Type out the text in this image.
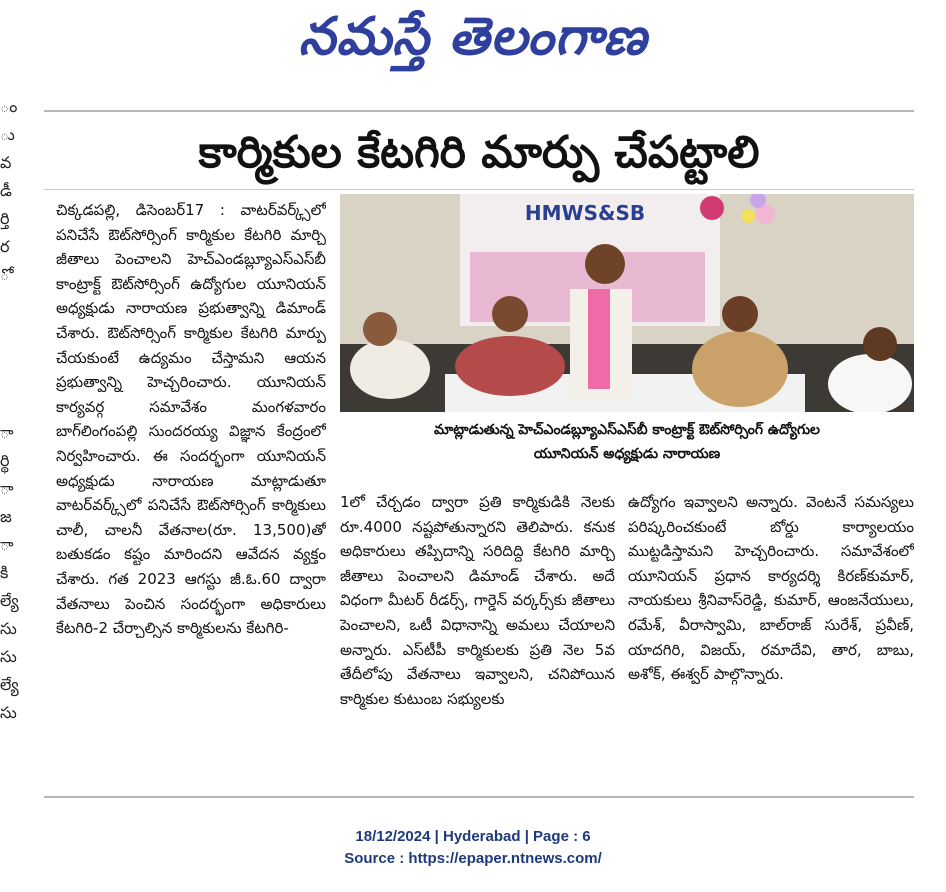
నమస్తే తెలంగాణ
ం
ు
వ
డీ
ర్తి
ర
ో
ా
ర్థి
ా
జ
ా
కి
ల్యే
సు
సు
ల్యే
సు
కార్మికుల కేటగిరి మార్పు చేపట్టాలి
చిక్కడపల్లి, డిసెంబర్17 : వాటర్‌వర్క్స్‌లో పనిచేసే ఔట్‌సోర్సింగ్ కార్మికుల కేటగిరి మార్చి జీతాలు పెంచాలని హెచ్‌ఎండబ్ల్యూఎస్‌ఎస్‌బీ కాంట్రాక్ట్ ఔట్‌సోర్సింగ్ ఉద్యోగుల యూనియన్ అధ్యక్షుడు నారాయణ ప్రభుత్వాన్ని డిమాండ్ చేశారు. ఔట్‌సోర్సింగ్ కార్మికుల కేటగిరి మార్పు చేయకుంటే ఉద్యమం చేస్తామని ఆయన ప్రభుత్వాన్ని హెచ్చరించారు. యూనియన్ కార్యవర్గ సమావేశం మంగళవారం బాగ్‌లింగంపల్లి సుందరయ్య విజ్ఞాన కేంద్రంలో నిర్వహించారు. ఈ సందర్భంగా యూనియన్ అధ్యక్షుడు నారాయణ మాట్లాడుతూ వాటర్‌వర్క్స్‌లో పనిచేసే ఔట్‌సోర్సింగ్ కార్మికులు చాలీ, చాలనీ వేతనాల(రూ. 13,500)తో బతుకడం కష్టం మారిందని ఆవేదన వ్యక్తం చేశారు. గత 2023 ఆగస్టు జీ.ఓ.60 ద్వారా వేతనాలు పెంచిన సందర్భంగా అధికారులు కేటగిరి-2 చేర్చాల్సిన కార్మికులను కేటగిరి-
HMWS&SB
మాట్లాడుతున్న హెచ్‌ఎండబ్ల్యూఎస్‌ఎస్‌బీ కాంట్రాక్ట్ ఔట్‌సోర్సింగ్ ఉద్యోగుల
యూనియన్ అధ్యక్షుడు నారాయణ
1లో చేర్చడం ద్వారా ప్రతి కార్మికుడికి నెలకు రూ.4000 నష్టపోతున్నారని తెలిపారు. కనుక అధికారులు తప్పిదాన్ని సరిదిద్ది కేటగిరి మార్చి జీతాలు పెంచాలని డిమాండ్ చేశారు. అదే విధంగా మీటర్ రీడర్స్, గార్డెన్ వర్కర్స్‌కు జీతాలు పెంచాలని, ఒటీ విధానాన్ని అమలు చేయాలని అన్నారు. ఎస్‌టీపీ కార్మికులకు ప్రతి నెల 5వ తేదీలోపు వేతనాలు ఇవ్వాలని, చనిపోయిన కార్మికుల కుటుంబ సభ్యులకు
ఉద్యోగం ఇవ్వాలని అన్నారు. వెంటనే సమస్యలు పరిష్కరించకుంటే బోర్డు కార్యాలయం ముట్టడిస్తామని హెచ్చరించారు. సమావేశంలో యూనియన్ ప్రధాన కార్యదర్శి కిరణ్‌కుమార్, నాయకులు శ్రీనివాస్‌రెడ్డి, కుమార్, ఆంజనేయులు, రమేశ్, వీరాస్వామి, బాల్‌రాజ్ సురేశ్, ప్రవీణ్, యాదగిరి, విజయ్, రమాదేవి, తార, బాబు, అశోక్, ఈశ్వర్ పాల్గొన్నారు.
18/12/2024 | Hyderabad | Page : 6
Source : https://epaper.ntnews.com/
